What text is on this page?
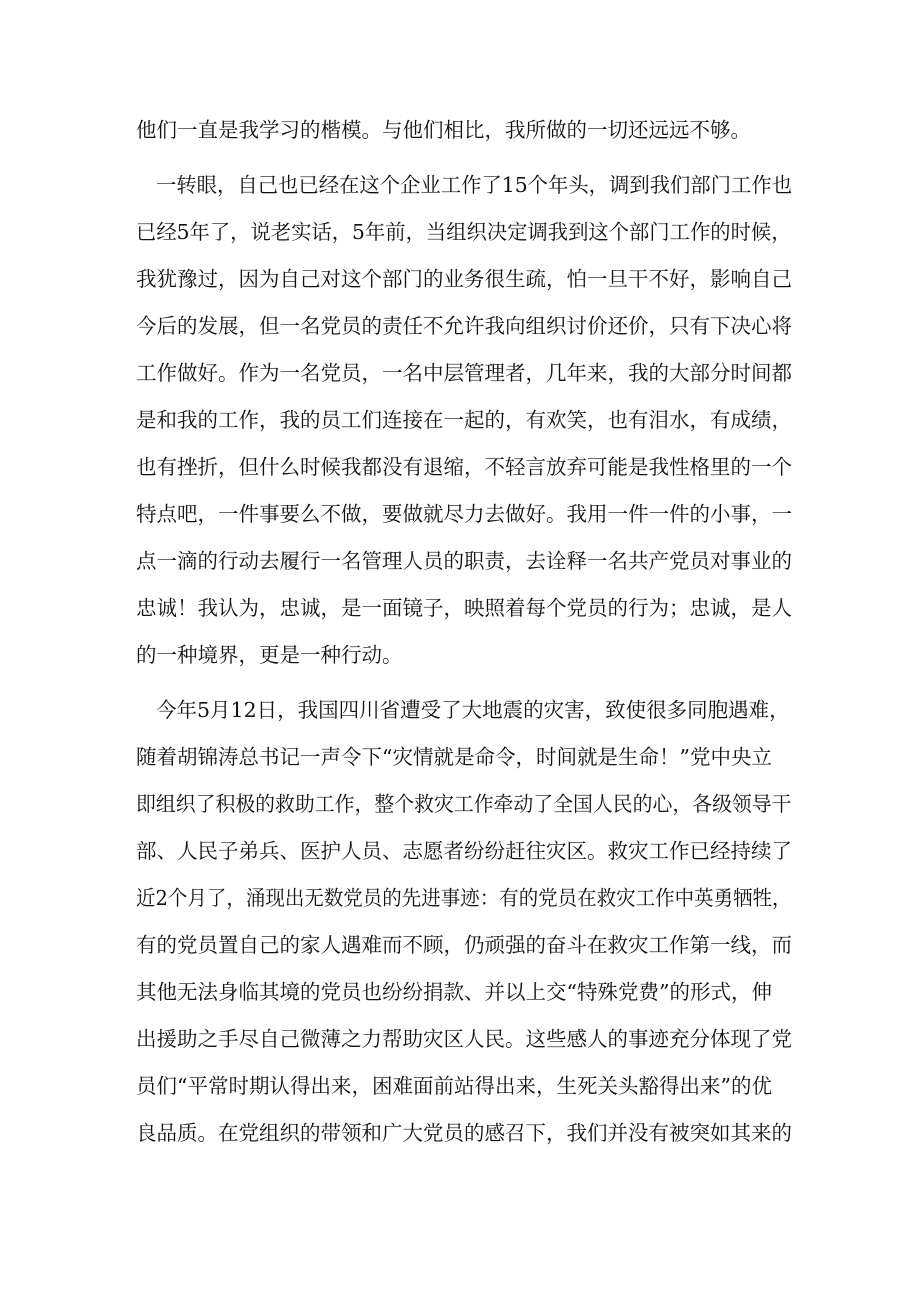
他们一直是我学习的楷模。与他们相比，我所做的一切还远远不够。
一转眼，自己也已经在这个企业工作了15个年头，调到我们部门工作也
已经5年了，说老实话，5年前，当组织决定调我到这个部门工作的时候，
我犹豫过，因为自己对这个部门的业务很生疏，怕一旦干不好，影响自己
今后的发展，但一名党员的责任不允许我向组织讨价还价，只有下决心将
工作做好。作为一名党员，一名中层管理者，几年来，我的大部分时间都
是和我的工作，我的员工们连接在一起的，有欢笑，也有泪水，有成绩，
也有挫折，但什么时候我都没有退缩，不轻言放弃可能是我性格里的一个
特点吧，一件事要么不做，要做就尽力去做好。我用一件一件的小事，一
点一滴的行动去履行一名管理人员的职责，去诠释一名共产党员对事业的
忠诚！我认为，忠诚，是一面镜子，映照着每个党员的行为；忠诚，是人
的一种境界，更是一种行动。
今年5月12日，我国四川省遭受了大地震的灾害，致使很多同胞遇难，
随着胡锦涛总书记一声令下“灾情就是命令，时间就是生命！”党中央立
即组织了积极的救助工作，整个救灾工作牵动了全国人民的心，各级领导干
部、人民子弟兵、医护人员、志愿者纷纷赶往灾区。救灾工作已经持续了
近2个月了，涌现出无数党员的先进事迹：有的党员在救灾工作中英勇牺牲，
有的党员置自己的家人遇难而不顾，仍顽强的奋斗在救灾工作第一线，而
其他无法身临其境的党员也纷纷捐款、并以上交“特殊党费”的形式，伸
出援助之手尽自己微薄之力帮助灾区人民。这些感人的事迹充分体现了党
员们“平常时期认得出来，困难面前站得出来，生死关头豁得出来”的优
良品质。在党组织的带领和广大党员的感召下，我们并没有被突如其来的
